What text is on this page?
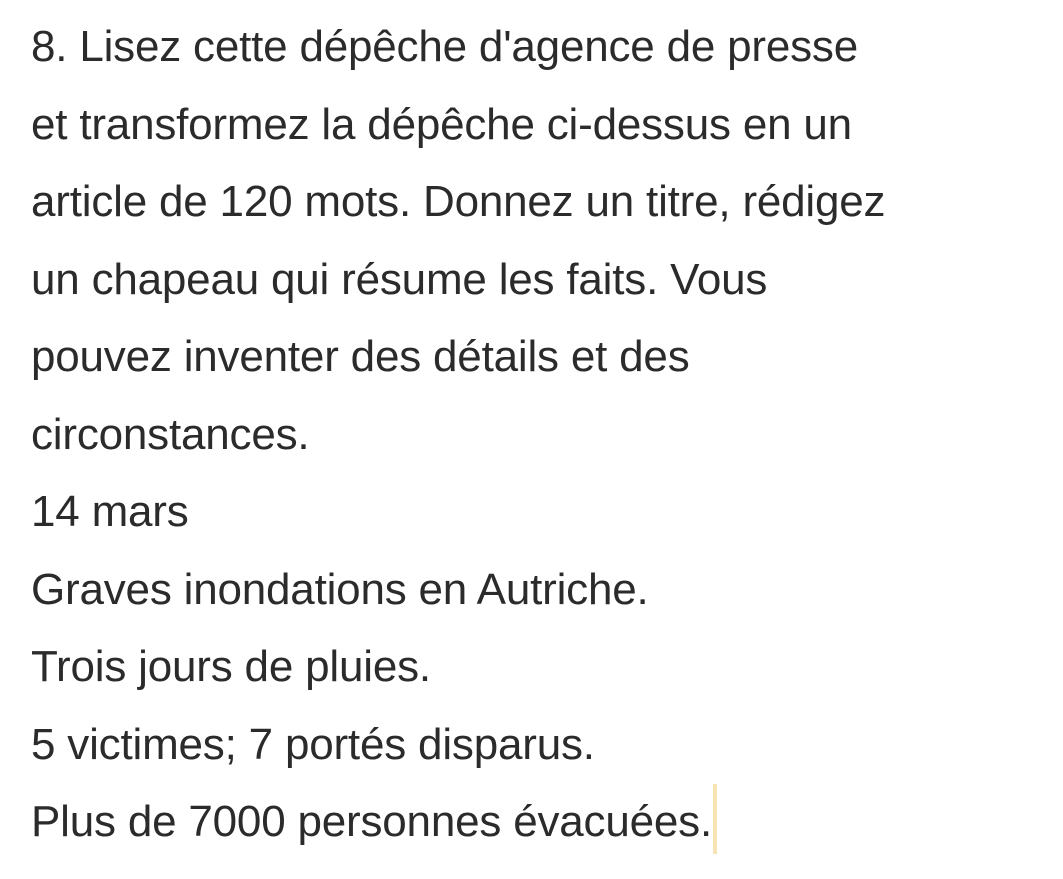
8. Lisez cette dépêche d'agence de presse
et transformez la dépêche ci-dessus en un
article de 120 mots. Donnez un titre, rédigez
un chapeau qui résume les faits. Vous
pouvez inventer des détails et des
circonstances.
14 mars
Graves inondations en Autriche.
Trois jours de pluies.
5 victimes; 7 portés disparus.
Plus de 7000 personnes évacuées.
